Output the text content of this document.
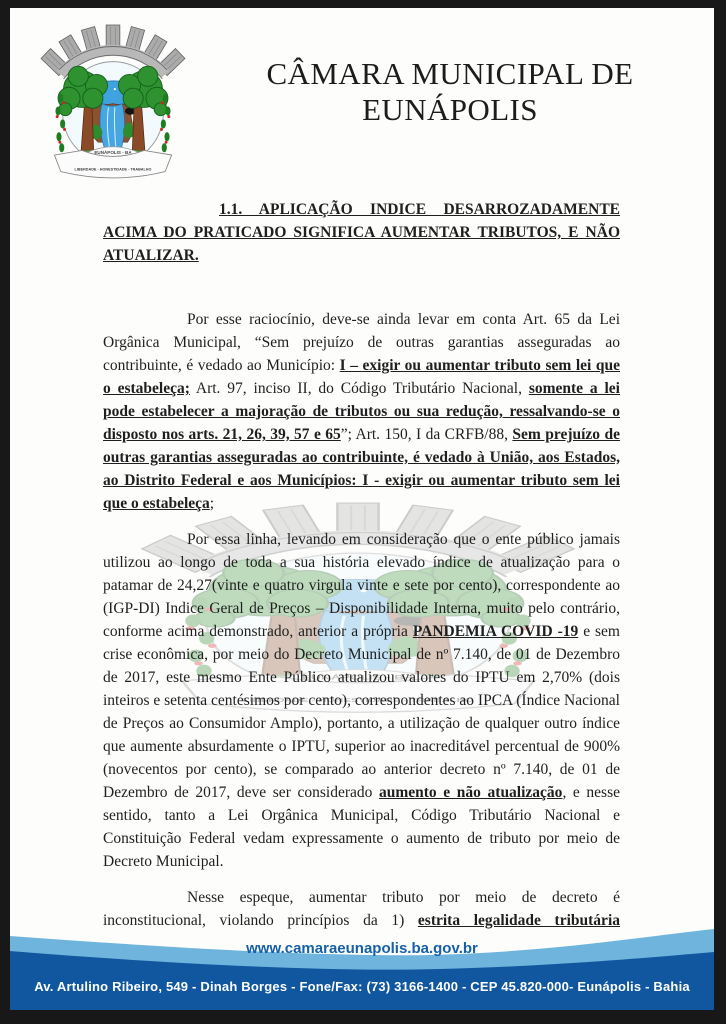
CÂMARA MUNICIPAL DE EUNÁPOLIS
1.1. APLICAÇÃO INDICE DESARROZADAMENTE ACIMA DO PRATICADO SIGNIFICA AUMENTAR TRIBUTOS, E NÃO ATUALIZAR.

Por esse raciocínio, deve-se ainda levar em conta Art. 65 da Lei Orgânica Municipal, “Sem prejuízo de outras garantias asseguradas ao contribuinte, é vedado ao Município: I – exigir ou aumentar tributo sem lei que o estabeleça; Art. 97, inciso II, do Código Tributário Nacional, somente a lei pode estabelecer a majoração de tributos ou sua redução, ressalvando-se o disposto nos arts. 21, 26, 39, 57 e 65”; Art. 150, I da CRFB/88, Sem prejuízo de outras garantias asseguradas ao contribuinte, é vedado à União, aos Estados, ao Distrito Federal e aos Municípios: I - exigir ou aumentar tributo sem lei que o estabeleça;

Por essa linha, levando em consideração que o ente público jamais utilizou ao longo de toda a sua história elevado índice de atualização para o patamar de 24,27(vinte e quatro virgula vinte e sete por cento), correspondente ao (IGP-DI) Indice Geral de Preços – Disponibilidade Interna, muito pelo contrário, conforme acima demonstrado, anterior a própria PANDEMIA COVID -19 e sem crise econômica, por meio do Decreto Municipal de nº 7.140, de 01 de Dezembro de 2017, este mesmo Ente Público atualizou valores do IPTU em 2,70% (dois inteiros e setenta centésimos por cento), correspondentes ao IPCA (Índice Nacional de Preços ao Consumidor Amplo), portanto, a utilização de qualquer outro índice que aumente absurdamente o IPTU, superior ao inacreditável percentual de 900% (novecentos por cento), se comparado ao anterior decreto nº 7.140, de 01 de Dezembro de 2017, deve ser considerado aumento e não atualização, e nesse sentido, tanto a Lei Orgânica Municipal, Código Tributário Nacional e Constituição Federal vedam expressamente o aumento de tributo por meio de Decreto Municipal.

Nesse espeque, aumentar tributo por meio de decreto é inconstitucional, violando princípios da 1) estrita legalidade tributária

www.camaraeunapolis.ba.gov.br
Av. Artulino Ribeiro, 549 - Dinah Borges - Fone/Fax: (73) 3166-1400 - CEP 45.820-000- Eunápolis - Bahia
